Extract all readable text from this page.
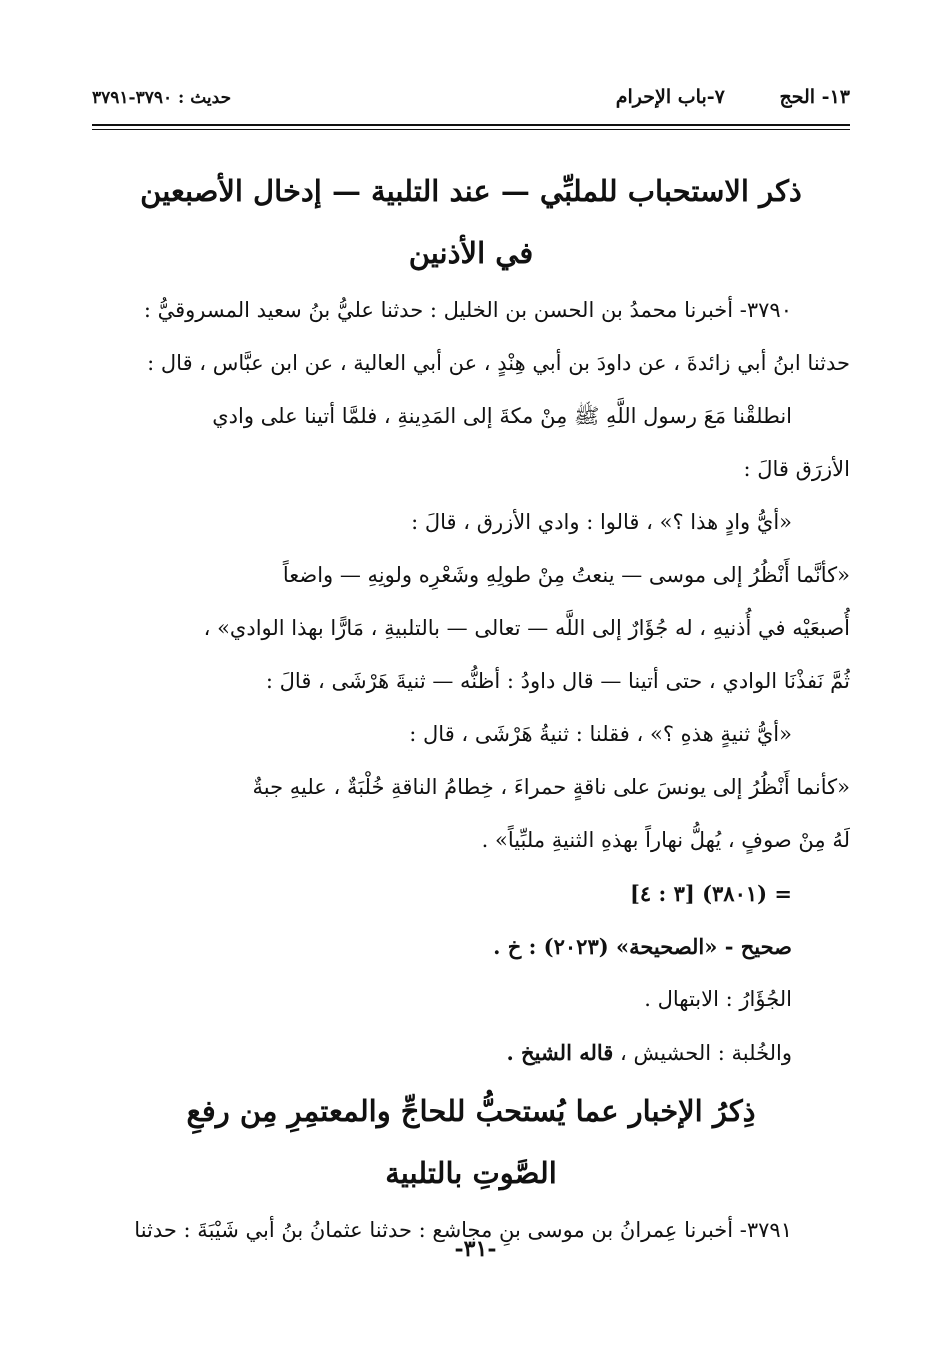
١٣- الحج ٧-باب الإحرام
حديث : ٣٧٩٠-٣٧٩١
ذكر الاستحباب للملبِّي — عند التلبية — إدخال الأصبعين
في الأذنين
٣٧٩٠- أخبرنا محمدُ بن الحسن بن الخليل : حدثنا عليُّ بنُ سعيد المسروقيُّ :
حدثنا ابنُ أبي زائدةَ ، عن داودَ بن أبي هِنْدٍ ، عن أبي العالية ، عن ابن عبَّاس ، قال :
انطلقْنا مَعَ رسول اللَّهِ ﷺ مِنْ مكةَ إلى المَدِينةِ ، فلمَّا أتينا على وادي
الأزرَق قالَ :
«أيُّ وادٍ هذا ؟» ، قالوا : وادي الأزرق ، قالَ :
«كأنَّما أَنْظُرُ إلى موسى — ينعتُ مِنْ طولِهِ وشَعْرِه ولونِهِ — واضعاً
أُصبعَيْه في أُذنيهِ ، له جُؤَارٌ إلى اللَّه — تعالى — بالتلبيةِ ، مَارًّا بهذا الوادي» ،
ثُمَّ نَفذْنَا الوادي ، حتى أتينا — قال داودُ : أظنُّه — ثنيةَ هَرْشَى ، قالَ :
«أيُّ ثنيةٍ هذهِ ؟» ، فقلنا : ثنيةُ هَرْشَى ، قال :
«كأنما أَنْظُرُ إلى يونسَ على ناقةٍ حمراءَ ، خِطامُ الناقةِ خُلْبَةٌ ، عليهِ جبةٌ
لَهُ مِنْ صوفٍ ، يُهلُّ نهاراً بهذهِ الثنيةِ ملبِّياً» .
= (٣٨٠١) [٣ : ٤]
صحيح - «الصحيحة» (٢٠٢٣) : خ .
الجُؤَارُ : الابتهال .
والخُلبة : الحشيش ، قاله الشيخ .
ذِكرُ الإخبار عما يُستحبُّ للحاجِّ والمعتمِرِ مِن رفعِ
الصَّوتِ بالتلبية
٣٧٩١- أخبرنا عِمرانُ بن موسى بنِ مجاشع : حدثنا عثمانُ بنُ أبي شَيْبَةَ : حدثنا
-٣١-
